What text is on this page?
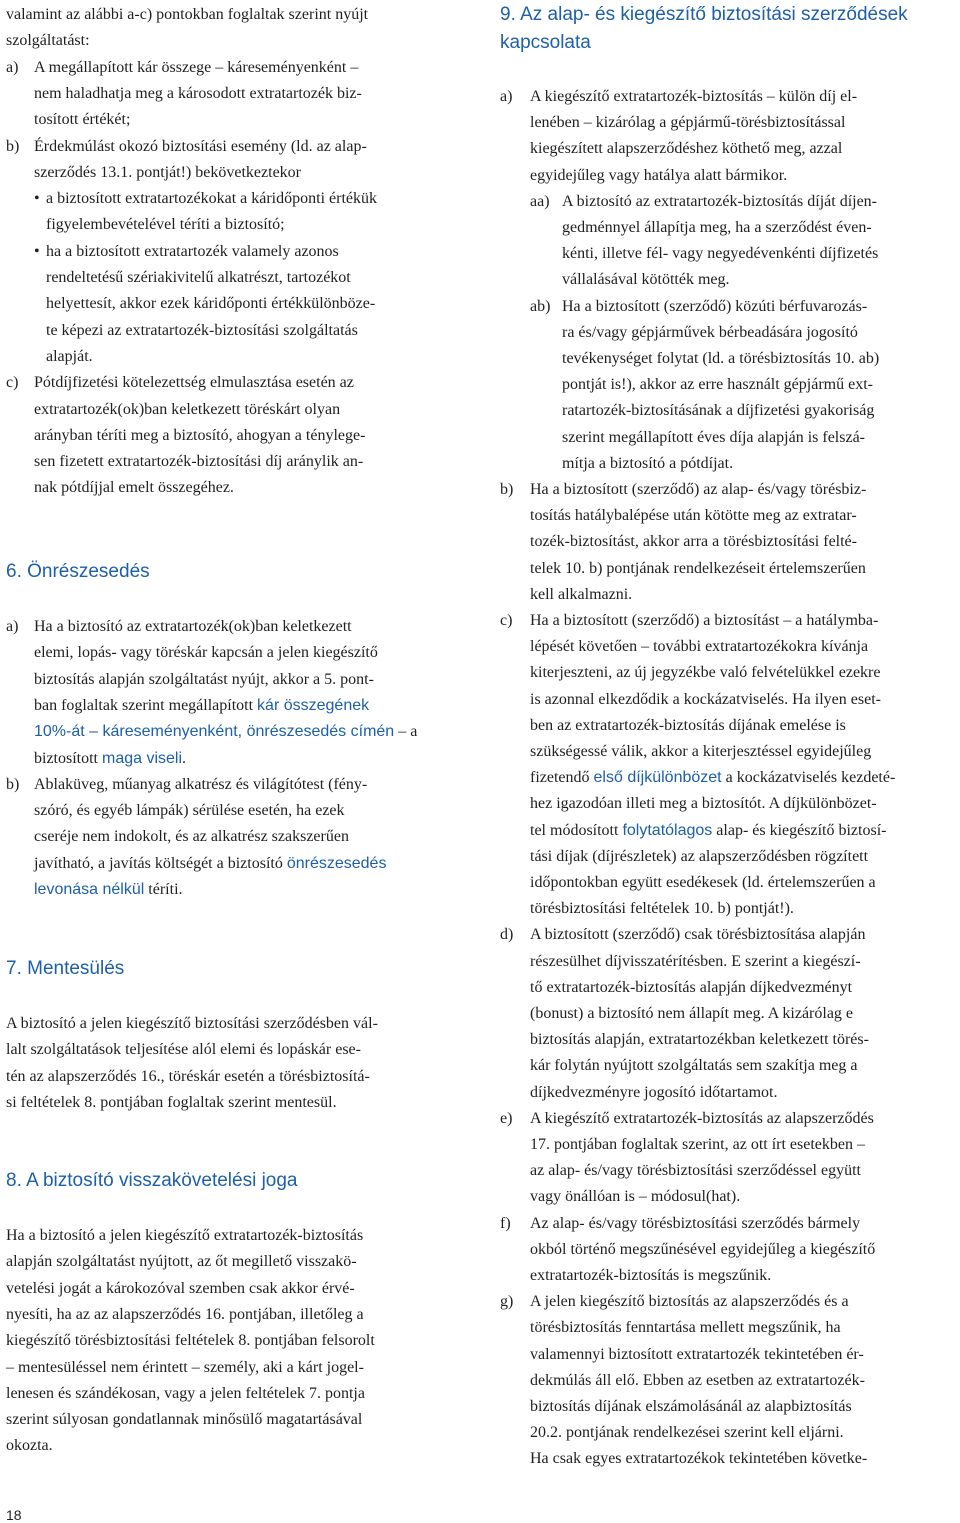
valamint az alábbi a-c) pontokban foglaltak szerint nyújt
szolgáltatást:
a) A megállapított kár összege – káreseményenként –
nem haladhatja meg a károsodott extratartozék biz-
tosított értékét;
b) Érdekmúlást okozó biztosítási esemény (ld. az alap-
szerződés 13.1. pontját!) bekövetkeztekor
• a biztosított extratartozékokat a káridőponti értékük
figyelembevételével téríti a biztosító;
• ha a biztosított extratartozék valamely azonos
rendeltetésű szériakivitelű alkatrészt, tartozékot
helyettesít, akkor ezek káridőponti értékkülönböze-
te képezi az extratartozék-biztosítási szolgáltatás
alapját.
c) Pótdíjfizetési kötelezettség elmulasztása esetén az
extratartozék(ok)ban keletkezett töréskárt olyan
arányban téríti meg a biztosító, ahogyan a ténylege-
sen fizetett extratartozék-biztosítási díj aránylik an-
nak pótdíjjal emelt összegéhez.
6. Önrészesedés
a) Ha a biztosító az extratartozék(ok)ban keletkezett
elemi, lopás- vagy töréskár kapcsán a jelen kiegészítő
biztosítás alapján szolgáltatást nyújt, akkor a 5. pont-
ban foglaltak szerint megállapított kár összegének
10%-át – káreseményenként, önrészesedés címén – a
biztosított maga viseli.
b) Ablaküveg, műanyag alkatrész és világítótest (fény-
szóró, és egyéb lámpák) sérülése esetén, ha ezek
cseréje nem indokolt, és az alkatrész szakszerűen
javítható, a javítás költségét a biztosító önrészesedés
levonása nélkül téríti.
7. Mentesülés
A biztosító a jelen kiegészítő biztosítási szerződésben vál-
lalt szolgáltatások teljesítése alól elemi és lopáskár ese-
tén az alapszerződés 16., töréskár esetén a törésbiztosítá-
si feltételek 8. pontjában foglaltak szerint mentesül.
8. A biztosító visszakövetelési joga
Ha a biztosító a jelen kiegészítő extratartozék-biztosítás
alapján szolgáltatást nyújtott, az őt megillető visszakö-
vetelési jogát a károkozóval szemben csak akkor érvé-
nyesíti, ha az az alapszerződés 16. pontjában, illetőleg a
kiegészítő törésbiztosítási feltételek 8. pontjában felsorolt
– mentesüléssel nem érintett – személy, aki a kárt jogel-
lenesen és szándékosan, vagy a jelen feltételek 7. pontja
szerint súlyosan gondatlannak minősülő magatartásával
okozta.
9. Az alap- és kiegészítő biztosítási szerződések
kapcsolata
a) A kiegészítő extratartozék-biztosítás – külön díj el-
lenében – kizárólag a gépjármű-törésbiztosítással
kiegészített alapszerződéshez köthető meg, azzal
egyidejűleg vagy hatálya alatt bármikor.
aa) A biztosító az extratartozék-biztosítás díját díjen-
gedménnyel állapítja meg, ha a szerződést éven-
kénti, illetve fél- vagy negyedévenkénti díjfizetés
vállalásával kötötték meg.
ab) Ha a biztosított (szerződő) közúti bérfuvarozás-
ra és/vagy gépjárművek bérbeadására jogosító
tevékenységet folytat (ld. a törésbiztosítás 10. ab)
pontját is!), akkor az erre használt gépjármű ext-
ratartozék-biztosításának a díjfizetési gyakoriság
szerint megállapított éves díja alapján is felszá-
mítja a biztosító a pótdíjat.
b) Ha a biztosított (szerződő) az alap- és/vagy törésbiz-
tosítás hatálybalépése után kötötte meg az extratar-
tozék-biztosítást, akkor arra a törésbiztosítási felté-
telek 10. b) pontjának rendelkezéseit értelemszerűen
kell alkalmazni.
c) Ha a biztosított (szerződő) a biztosítást – a hatálymba-
lépését követően – további extratartozékokra kívánja
kiterjeszteni, az új jegyzékbe való felvételükkel ezekre
is azonnal elkezdődik a kockázatviselés. Ha ilyen eset-
ben az extratartozék-biztosítás díjának emelése is
szükségessé válik, akkor a kiterjesztéssel egyidejűleg
fizetendő első díjkülönbözet a kockázatviselés kezdeté-
hez igazodóan illeti meg a biztosítót. A díjkülönbözet-
tel módosított folytatólagos alap- és kiegészítő biztosí-
tási díjak (díjrészletek) az alapszerződésben rögzített
időpontokban együtt esedékesek (ld. értelemszerűen a
törésbiztosítási feltételek 10. b) pontját!).
d) A biztosított (szerződő) csak törésbiztosítása alapján
részesülhet díjvisszatérítésben. E szerint a kiegészí-
tő extratartozék-biztosítás alapján díjkedvezményt
(bonust) a biztosító nem állapít meg. A kizárólag e
biztosítás alapján, extratartozékban keletkezett törés-
kár folytán nyújtott szolgáltatás sem szakítja meg a
díjkedvezményre jogosító időtartamot.
e) A kiegészítő extratartozék-biztosítás az alapszerződés
17. pontjában foglaltak szerint, az ott írt esetekben –
az alap- és/vagy törésbiztosítási szerződéssel együtt
vagy önállóan is – módosul(hat).
f) Az alap- és/vagy törésbiztosítási szerződés bármely
okból történő megszűnésével egyidejűleg a kiegészítő
extratartozék-biztosítás is megszűnik.
g) A jelen kiegészítő biztosítás az alapszerződés és a
törésbiztosítás fenntartása mellett megszűnik, ha
valamennyi biztosított extratartozék tekintetében ér-
dekmúlás áll elő. Ebben az esetben az extratartozék-
biztosítás díjának elszámolásánál az alapbiztosítás
20.2. pontjának rendelkezései szerint kell eljárni.
Ha csak egyes extratartozékok tekintetében követke-
18
